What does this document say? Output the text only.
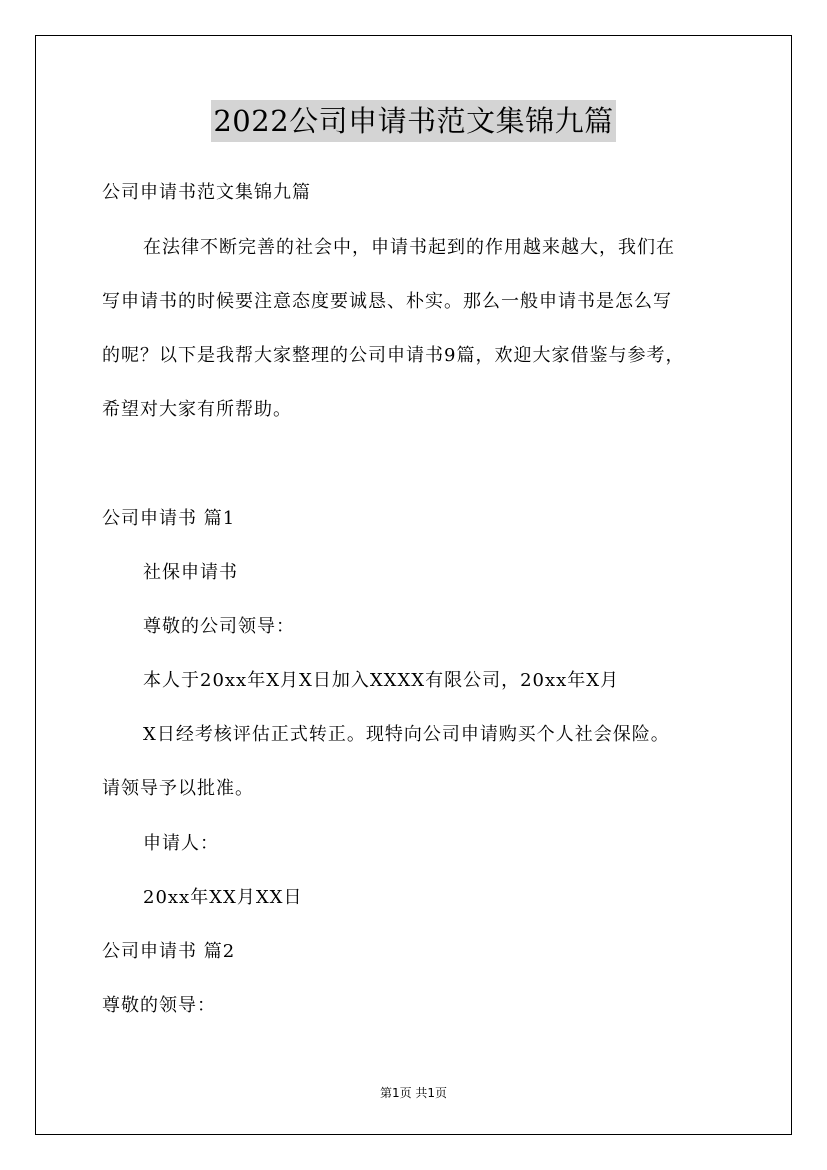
2022公司申请书范文集锦九篇
公司申请书范文集锦九篇
在法律不断完善的社会中，申请书起到的作用越来越大，我们在
写申请书的时候要注意态度要诚恳、朴实。那么一般申请书是怎么写
的呢？以下是我帮大家整理的公司申请书9篇，欢迎大家借鉴与参考，
希望对大家有所帮助。
公司申请书 篇1
社保申请书
尊敬的公司领导：
本人于20xx年X月X日加入XXXX有限公司，20xx年X月
X日经考核评估正式转正。现特向公司申请购买个人社会保险。
请领导予以批准。
申请人：
20xx年XX月XX日
公司申请书 篇2
尊敬的领导：
第1页 共1页
